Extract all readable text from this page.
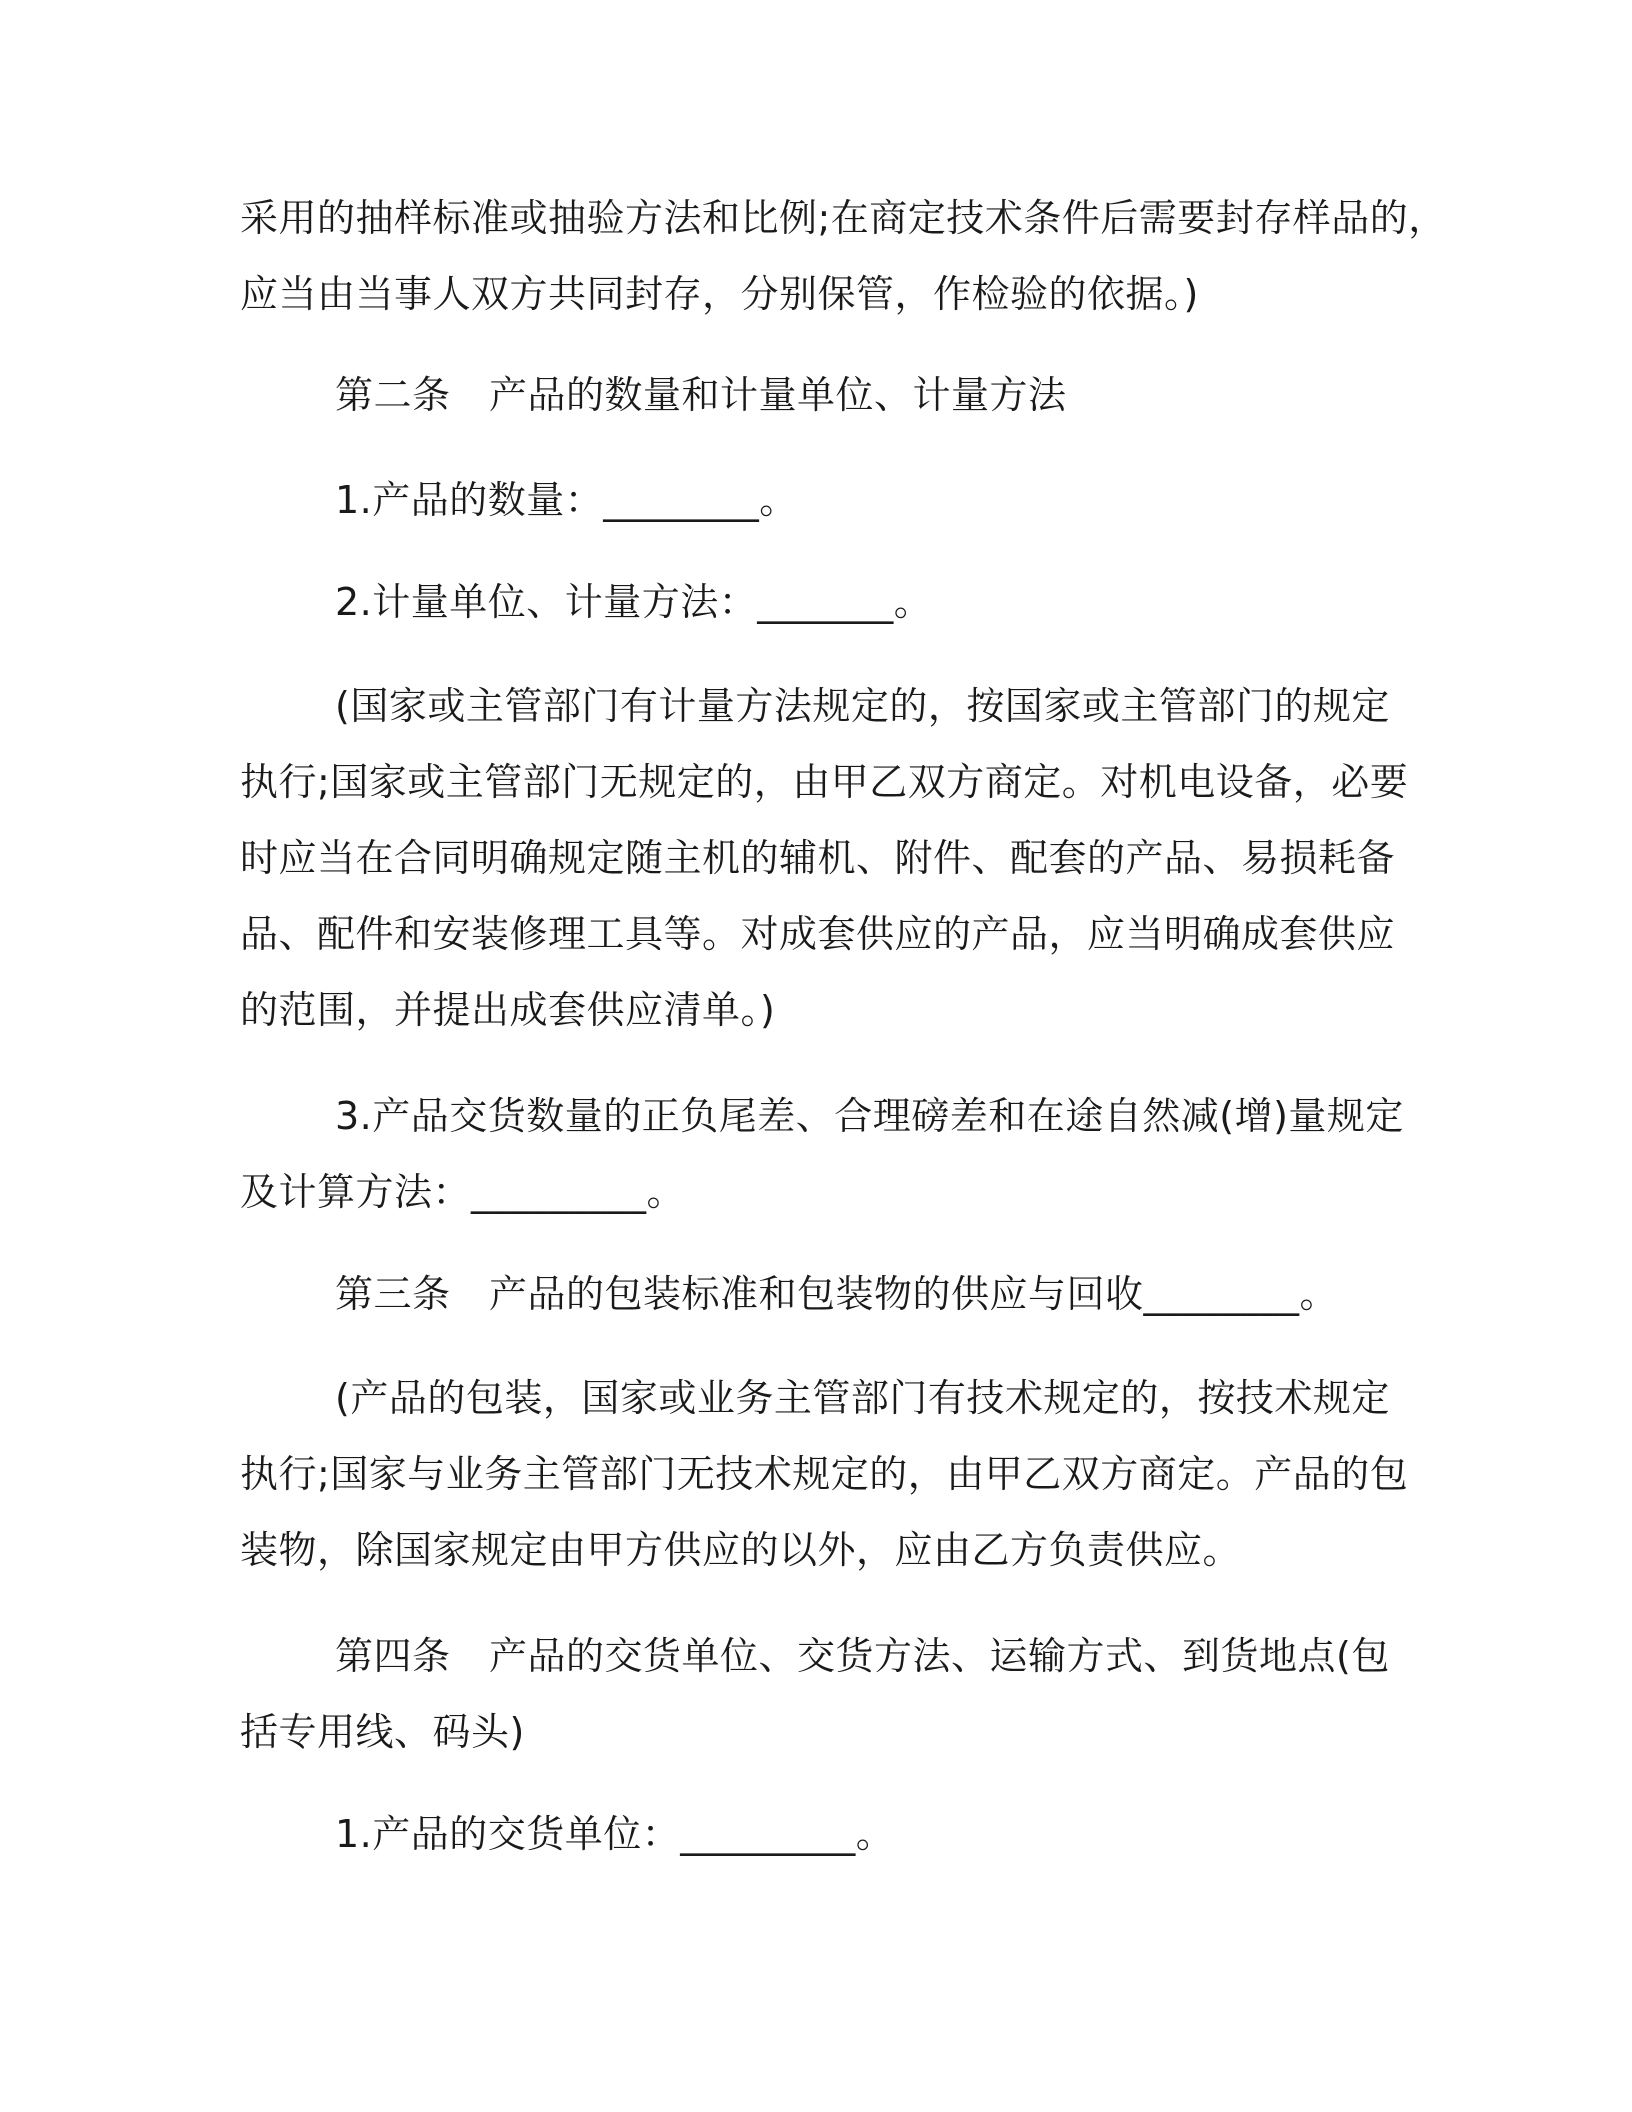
采用的抽样标准或抽验方法和比例;在商定技术条件后需要封存样品的，
应当由当事人双方共同封存，分别保管，作检验的依据。)
第二条　产品的数量和计量单位、计量方法
1.产品的数量：________。
2.计量单位、计量方法：_______。
(国家或主管部门有计量方法规定的，按国家或主管部门的规定
执行;国家或主管部门无规定的，由甲乙双方商定。对机电设备，必要
时应当在合同明确规定随主机的辅机、附件、配套的产品、易损耗备
品、配件和安装修理工具等。对成套供应的产品，应当明确成套供应
的范围，并提出成套供应清单。)
3.产品交货数量的正负尾差、合理磅差和在途自然减(增)量规定
及计算方法：_________。
第三条　产品的包装标准和包装物的供应与回收________。
(产品的包装，国家或业务主管部门有技术规定的，按技术规定
执行;国家与业务主管部门无技术规定的，由甲乙双方商定。产品的包
装物，除国家规定由甲方供应的以外，应由乙方负责供应。
第四条　产品的交货单位、交货方法、运输方式、到货地点(包
括专用线、码头)
1.产品的交货单位：_________。
